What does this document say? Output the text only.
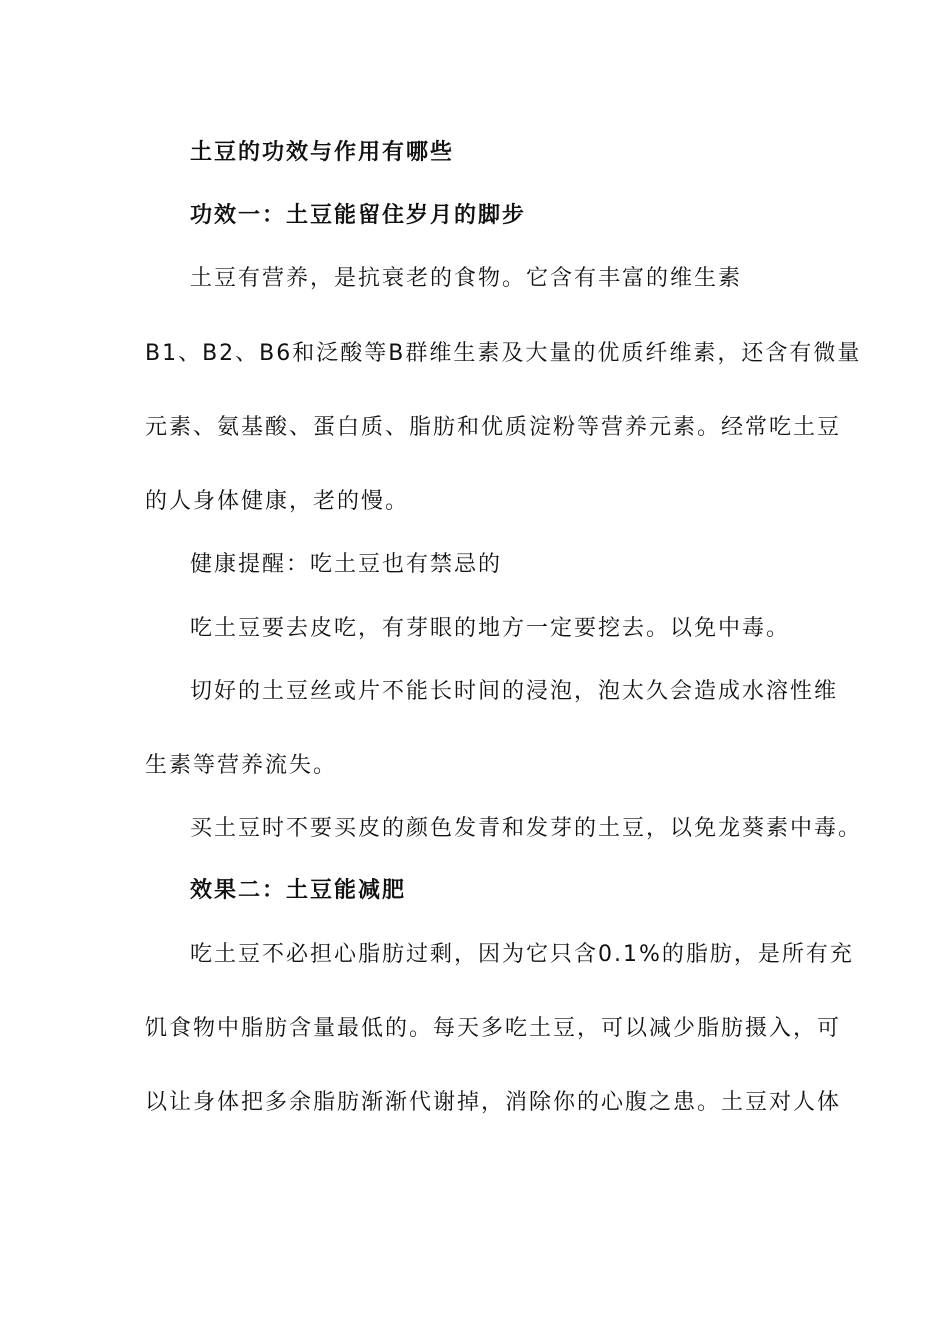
土豆的功效与作用有哪些
功效一：土豆能留住岁月的脚步
土豆有营养，是抗衰老的食物。它含有丰富的维生素
B1、B2、B6和泛酸等B群维生素及大量的优质纤维素，还含有微量
元素、氨基酸、蛋白质、脂肪和优质淀粉等营养元素。经常吃土豆
的人身体健康，老的慢。
健康提醒：吃土豆也有禁忌的
吃土豆要去皮吃，有芽眼的地方一定要挖去。以免中毒。
切好的土豆丝或片不能长时间的浸泡，泡太久会造成水溶性维
生素等营养流失。
买土豆时不要买皮的颜色发青和发芽的土豆，以免龙葵素中毒。
效果二：土豆能减肥
吃土豆不必担心脂肪过剩，因为它只含0.1%的脂肪，是所有充
饥食物中脂肪含量最低的。每天多吃土豆，可以减少脂肪摄入，可
以让身体把多余脂肪渐渐代谢掉，消除你的心腹之患。土豆对人体
